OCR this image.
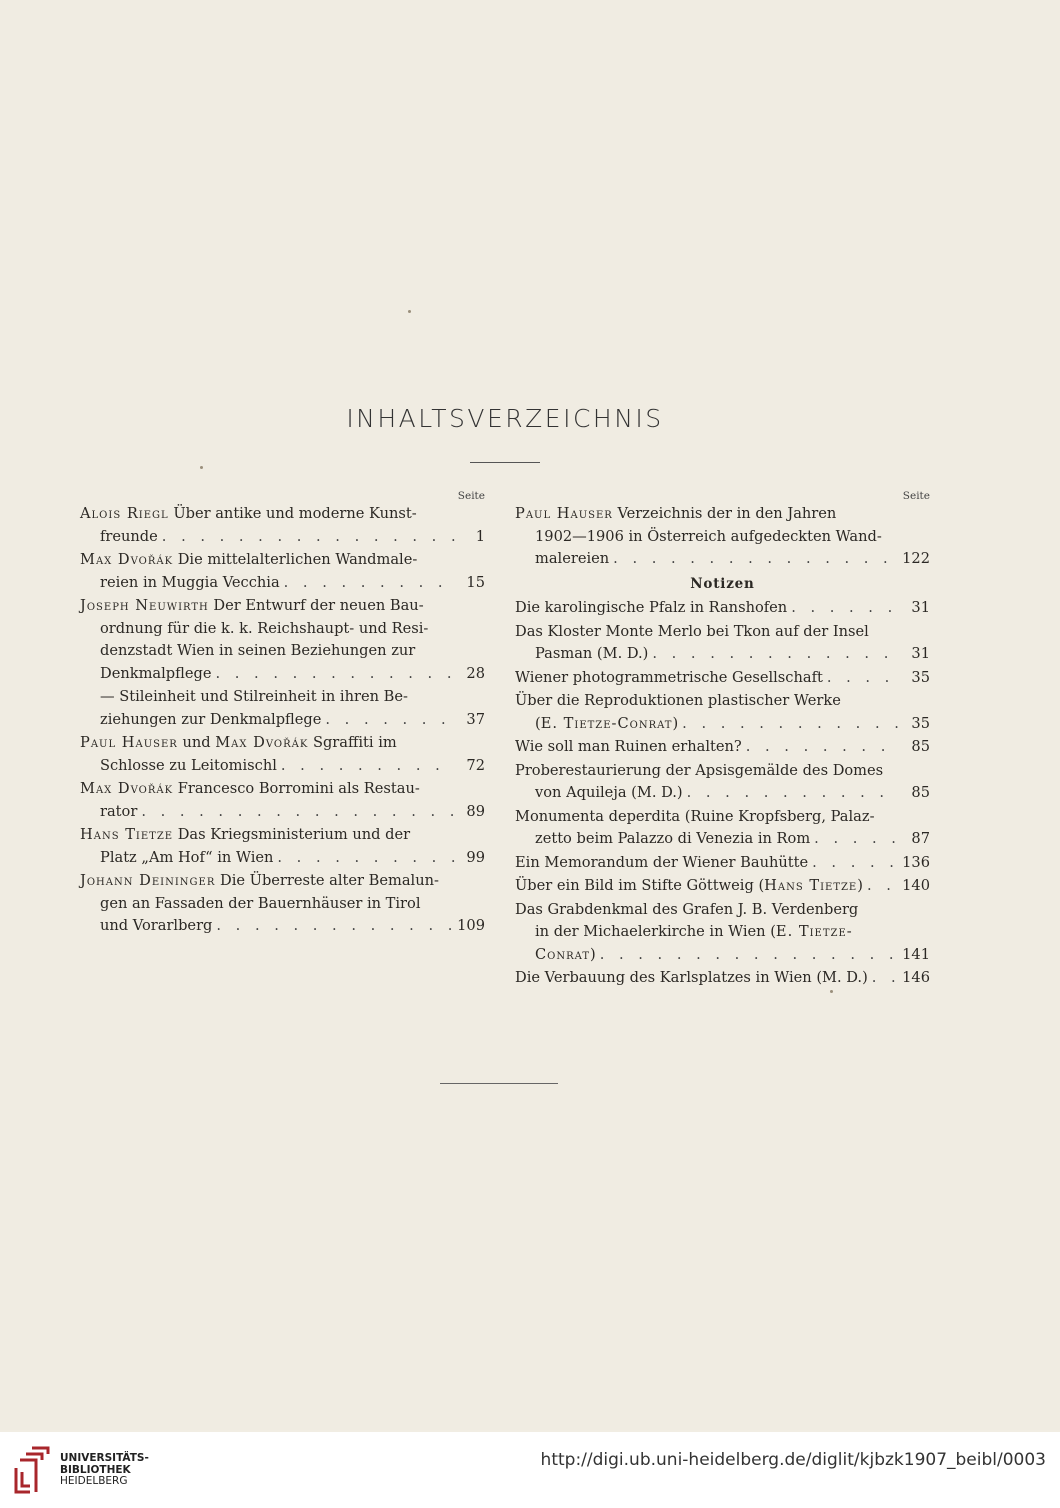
INHALTSVERZEICHNIS
Seite
Alois Riegl Über antike und moderne Kunst-
freunde . . .	1
Max Dvořák Die mittelalterlichen Wandmale-
reien in Muggia Vecchia . . .	15
Joseph Neuwirth Der Entwurf der neuen Bau-
ordnung für die k. k. Reichshaupt- und Resi-
denzstadt Wien in seinen Beziehungen zur
Denkmalpflege . . .	28
— Stileinheit und Stilreinheit in ihren Be-
ziehungen zur Denkmalpflege . . .	37
Paul Hauser und Max Dvořák Sgraffiti im
Schlosse zu Leitomischl . . .	72
Max Dvořák Francesco Borromini als Restau-
rator . . .	89
Hans Tietze Das Kriegsministerium und der
Platz „Am Hof“ in Wien . . .	99
Johann Deininger Die Überreste alter Bemalun-
gen an Fassaden der Bauernhäuser in Tirol
und Vorarlberg . . .	109
Seite
Paul Hauser Verzeichnis der in den Jahren
1902—1906 in Österreich aufgedeckten Wand-
malereien . . .	122
Notizen
Die karolingische Pfalz in Ranshofen . . .	31
Das Kloster Monte Merlo bei Tkon auf der Insel
Pasman (M. D.) . . .	31
Wiener photogrammetrische Gesellschaft . . .	35
Über die Reproduktionen plastischer Werke
(E. Tietze-Conrat) . . .	35
Wie soll man Ruinen erhalten? . . .	85
Proberestaurierung der Apsisgemälde des Domes
von Aquileja (M. D.) . . .	85
Monumenta deperdita (Ruine Kropfsberg, Palaz-
zetto beim Palazzo di Venezia in Rom . . .	87
Ein Memorandum der Wiener Bauhütte . . .	136
Über ein Bild im Stifte Göttweig (Hans Tietze) . . .	140
Das Grabdenkmal des Grafen J. B. Verdenberg
in der Michaelerkirche in Wien (E. Tietze-
Conrat) . . .	141
Die Verbauung des Karlsplatzes in Wien (M. D.) . . . 146
UNIVERSITÄTS-
BIBLIOTHEK
HEIDELBERG
http://digi.ub.uni-heidelberg.de/diglit/kjbzk1907_beibl/0003
